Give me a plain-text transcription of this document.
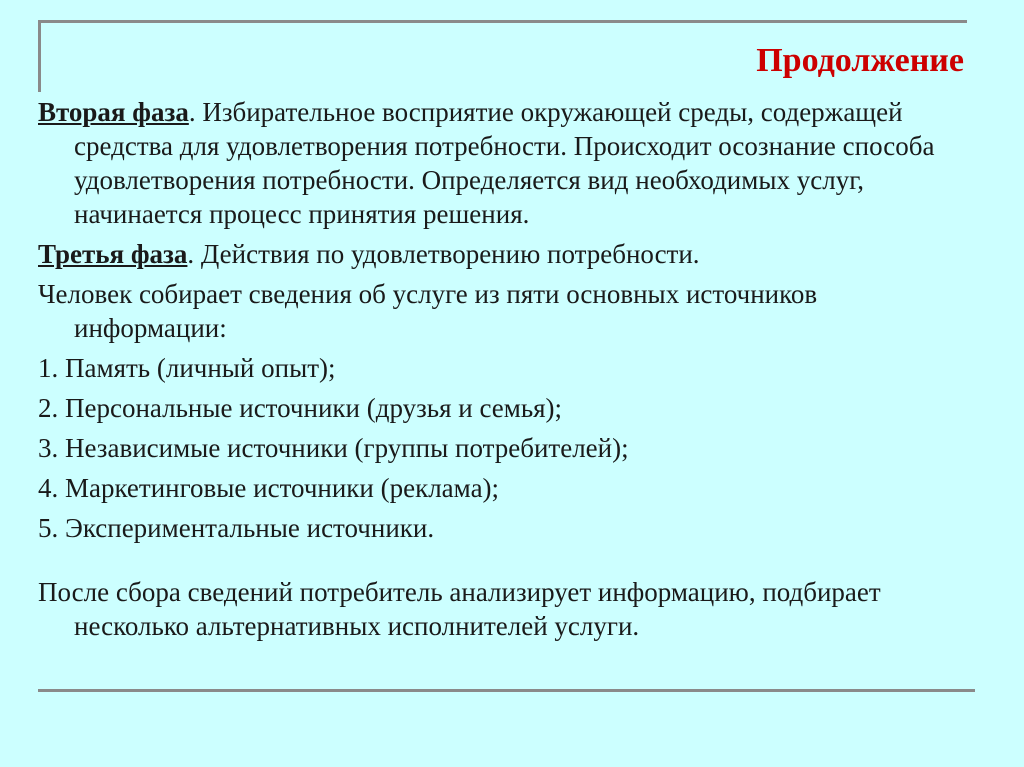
Продолжение

Вторая фаза. Избирательное восприятие окружающей среды, содержащей средства для удовлетворения потребности. Происходит осознание способа удовлетворения потребности. Определяется вид необходимых услуг, начинается процесс принятия решения.

Третья фаза. Действия по удовлетворению потребности.

Человек собирает сведения об услуге из пяти основных источников информации:

1. Память (личный опыт);
2. Персональные источники (друзья и семья);
3. Независимые источники (группы потребителей);
4. Маркетинговые источники (реклама);
5. Экспериментальные источники.

После сбора сведений потребитель анализирует информацию, подбирает несколько альтернативных исполнителей услуги.
